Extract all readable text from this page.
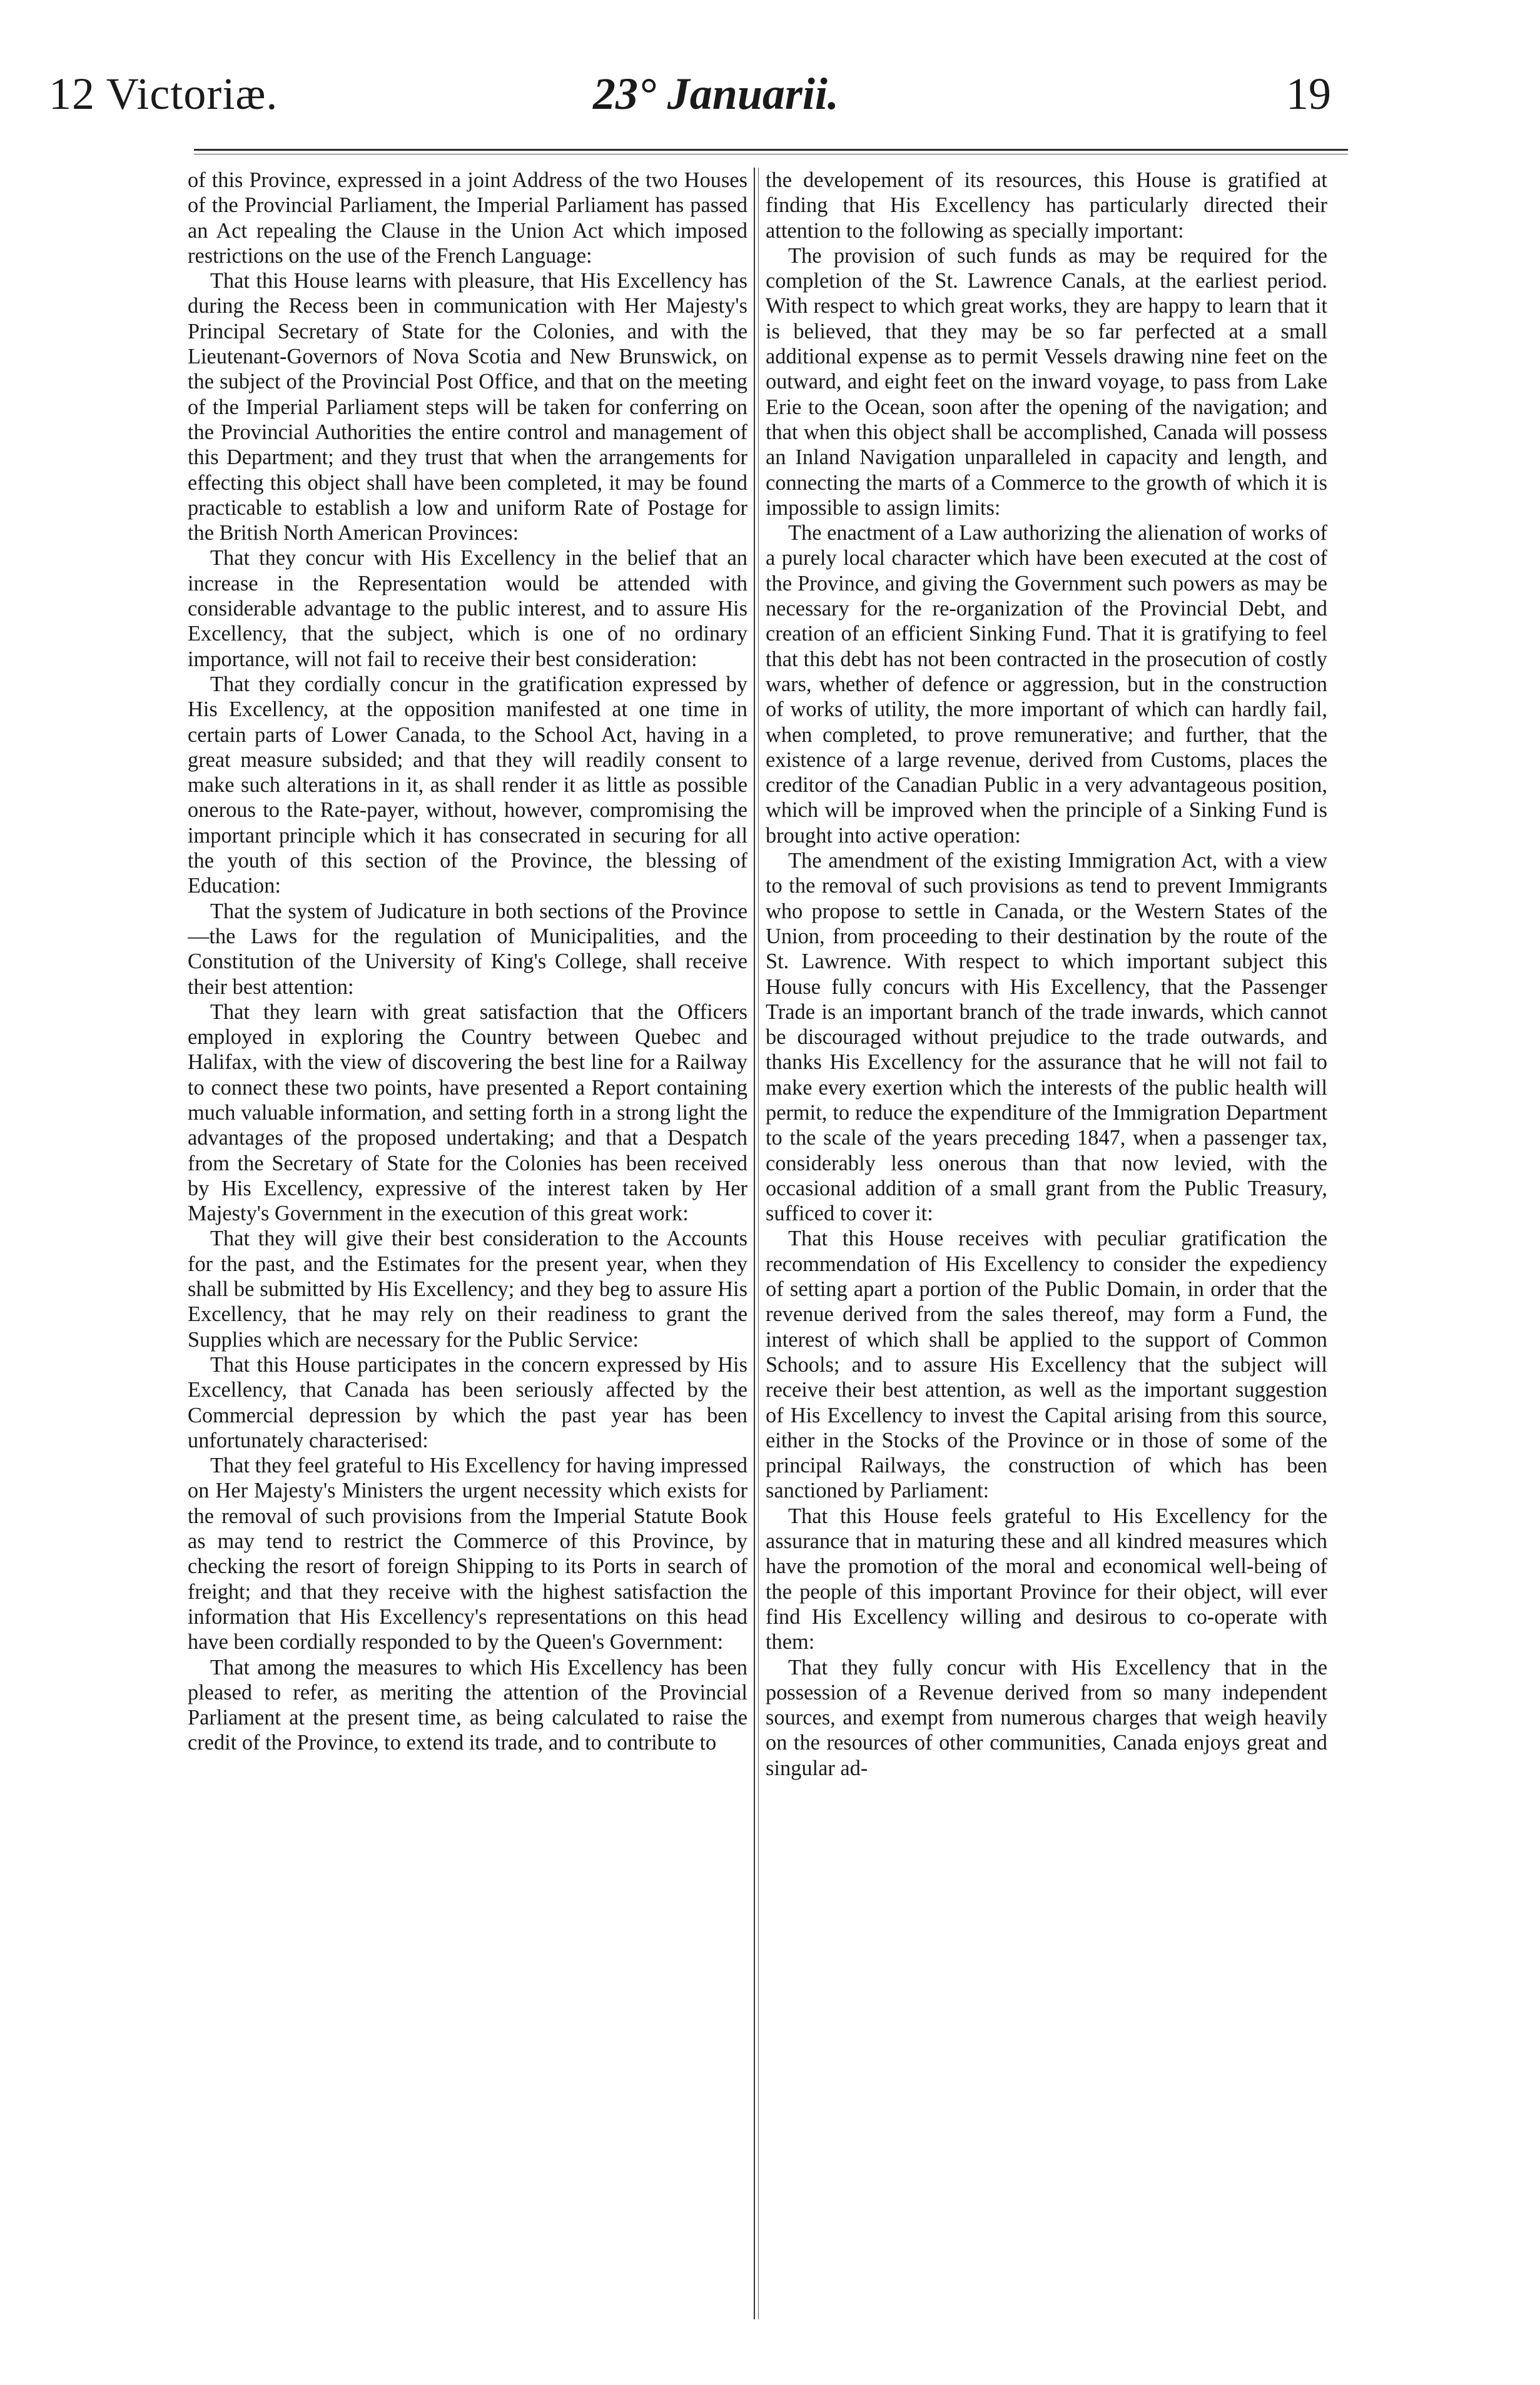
12 Victoriæ.	23° Januarii.	19

of this Province, expressed in a joint Address of the two Houses of the Provincial Parliament, the Imperial Parliament has passed an Act repealing the Clause in the Union Act which imposed restrictions on the use of the French Language:

That this House learns with pleasure, that His Excellency has during the Recess been in communication with Her Majesty's Principal Secretary of State for the Colonies, and with the Lieutenant-Governors of Nova Scotia and New Brunswick, on the subject of the Provincial Post Office, and that on the meeting of the Imperial Parliament steps will be taken for conferring on the Provincial Authorities the entire control and management of this Department; and they trust that when the arrangements for effecting this object shall have been completed, it may be found practicable to establish a low and uniform Rate of Postage for the British North American Provinces:

That they concur with His Excellency in the belief that an increase in the Representation would be attended with considerable advantage to the public interest, and to assure His Excellency, that the subject, which is one of no ordinary importance, will not fail to receive their best consideration:

That they cordially concur in the gratification expressed by His Excellency, at the opposition manifested at one time in certain parts of Lower Canada, to the School Act, having in a great measure subsided; and that they will readily consent to make such alterations in it, as shall render it as little as possible onerous to the Rate-payer, without, however, compromising the important principle which it has consecrated in securing for all the youth of this section of the Province, the blessing of Education:

That the system of Judicature in both sections of the Province—the Laws for the regulation of Municipalities, and the Constitution of the University of King's College, shall receive their best attention:

That they learn with great satisfaction that the Officers employed in exploring the Country between Quebec and Halifax, with the view of discovering the best line for a Railway to connect these two points, have presented a Report containing much valuable information, and setting forth in a strong light the advantages of the proposed undertaking; and that a Despatch from the Secretary of State for the Colonies has been received by His Excellency, expressive of the interest taken by Her Majesty's Government in the execution of this great work:

That they will give their best consideration to the Accounts for the past, and the Estimates for the present year, when they shall be submitted by His Excellency; and they beg to assure His Excellency, that he may rely on their readiness to grant the Supplies which are necessary for the Public Service:

That this House participates in the concern expressed by His Excellency, that Canada has been seriously affected by the Commercial depression by which the past year has been unfortunately characterised:

That they feel grateful to His Excellency for having impressed on Her Majesty's Ministers the urgent necessity which exists for the removal of such provisions from the Imperial Statute Book as may tend to restrict the Commerce of this Province, by checking the resort of foreign Shipping to its Ports in search of freight; and that they receive with the highest satisfaction the information that His Excellency's representations on this head have been cordially responded to by the Queen's Government:

That among the measures to which His Excellency has been pleased to refer, as meriting the attention of the Provincial Parliament at the present time, as being calculated to raise the credit of the Province, to extend its trade, and to contribute to

the developement of its resources, this House is gratified at finding that His Excellency has particularly directed their attention to the following as specially important:

The provision of such funds as may be required for the completion of the St. Lawrence Canals, at the earliest period. With respect to which great works, they are happy to learn that it is believed, that they may be so far perfected at a small additional expense as to permit Vessels drawing nine feet on the outward, and eight feet on the inward voyage, to pass from Lake Erie to the Ocean, soon after the opening of the navigation; and that when this object shall be accomplished, Canada will possess an Inland Navigation unparalleled in capacity and length, and connecting the marts of a Commerce to the growth of which it is impossible to assign limits:

The enactment of a Law authorizing the alienation of works of a purely local character which have been executed at the cost of the Province, and giving the Government such powers as may be necessary for the re-organization of the Provincial Debt, and creation of an efficient Sinking Fund. That it is gratifying to feel that this debt has not been contracted in the prosecution of costly wars, whether of defence or aggression, but in the construction of works of utility, the more important of which can hardly fail, when completed, to prove remunerative; and further, that the existence of a large revenue, derived from Customs, places the creditor of the Canadian Public in a very advantageous position, which will be improved when the principle of a Sinking Fund is brought into active operation:

The amendment of the existing Immigration Act, with a view to the removal of such provisions as tend to prevent Immigrants who propose to settle in Canada, or the Western States of the Union, from proceeding to their destination by the route of the St. Lawrence. With respect to which important subject this House fully concurs with His Excellency, that the Passenger Trade is an important branch of the trade inwards, which cannot be discouraged without prejudice to the trade outwards, and thanks His Excellency for the assurance that he will not fail to make every exertion which the interests of the public health will permit, to reduce the expenditure of the Immigration Department to the scale of the years preceding 1847, when a passenger tax, considerably less onerous than that now levied, with the occasional addition of a small grant from the Public Treasury, sufficed to cover it:

That this House receives with peculiar gratification the recommendation of His Excellency to consider the expediency of setting apart a portion of the Public Domain, in order that the revenue derived from the sales thereof, may form a Fund, the interest of which shall be applied to the support of Common Schools; and to assure His Excellency that the subject will receive their best attention, as well as the important suggestion of His Excellency to invest the Capital arising from this source, either in the Stocks of the Province or in those of some of the principal Railways, the construction of which has been sanctioned by Parliament:

That this House feels grateful to His Excellency for the assurance that in maturing these and all kindred measures which have the promotion of the moral and economical well-being of the people of this important Province for their object, will ever find His Excellency willing and desirous to co-operate with them:

That they fully concur with His Excellency that in the possession of a Revenue derived from so many independent sources, and exempt from numerous charges that weigh heavily on the resources of other communities, Canada enjoys great and singular ad-
